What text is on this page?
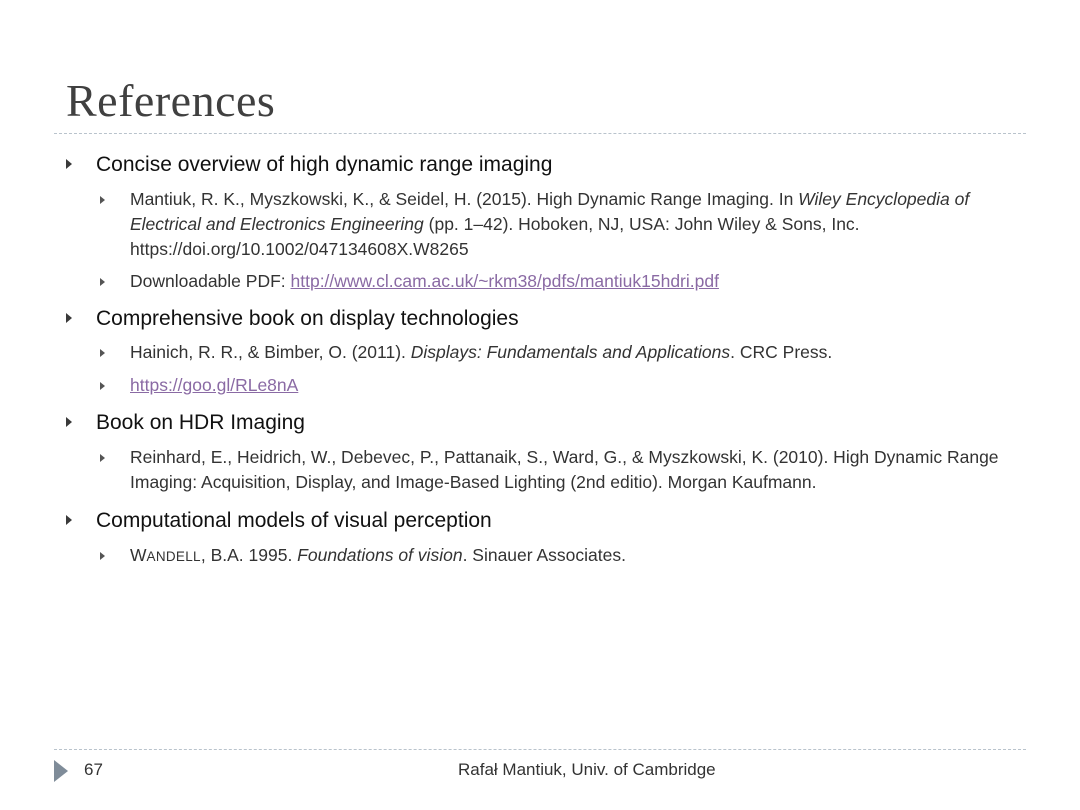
References
Concise overview of high dynamic range imaging
Mantiuk, R. K., Myszkowski, K., & Seidel, H. (2015). High Dynamic Range Imaging. In Wiley Encyclopedia of Electrical and Electronics Engineering (pp. 1–42). Hoboken, NJ, USA: John Wiley & Sons, Inc. https://doi.org/10.1002/047134608X.W8265
Downloadable PDF: http://www.cl.cam.ac.uk/~rkm38/pdfs/mantiuk15hdri.pdf
Comprehensive book on display technologies
Hainich, R. R., & Bimber, O. (2011). Displays: Fundamentals and Applications. CRC Press.
https://goo.gl/RLe8nA
Book on HDR Imaging
Reinhard, E., Heidrich, W., Debevec, P., Pattanaik, S., Ward, G., & Myszkowski, K. (2010). High Dynamic Range Imaging: Acquisition, Display, and Image-Based Lighting (2nd editio). Morgan Kaufmann.
Computational models of visual perception
WANDELL, B.A. 1995. Foundations of vision. Sinauer Associates.
67	Rafał Mantiuk, Univ. of Cambridge
